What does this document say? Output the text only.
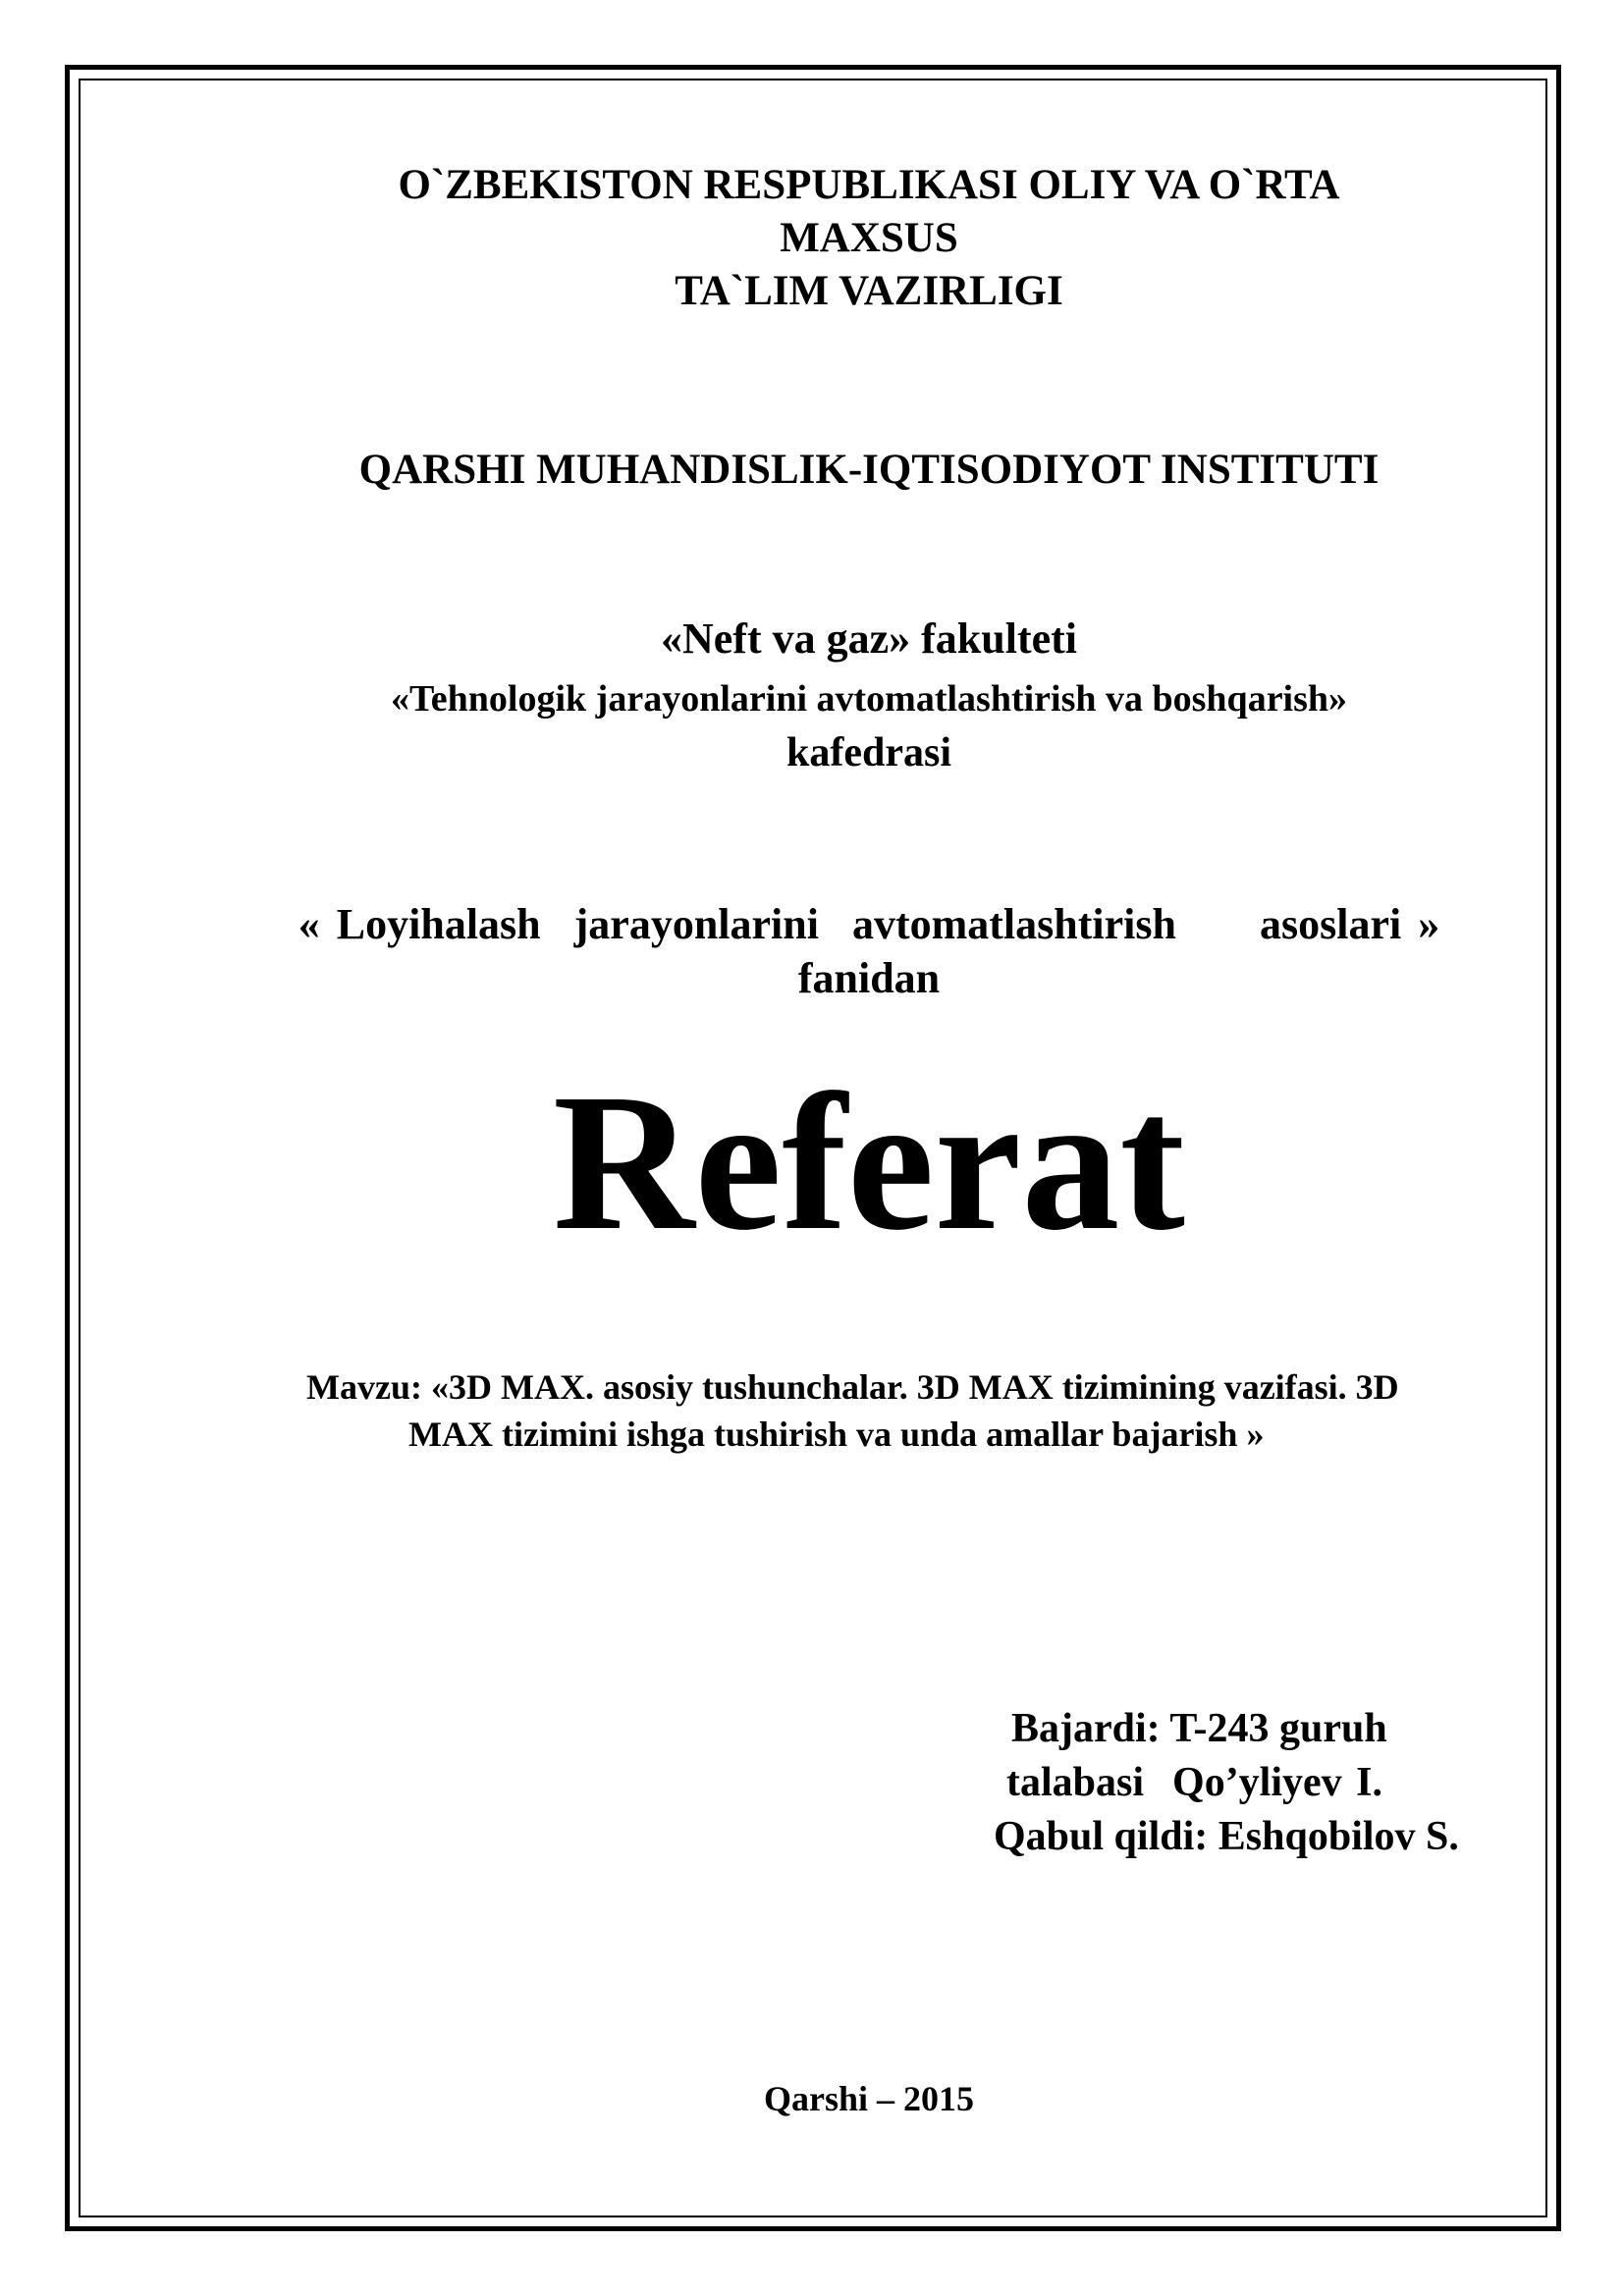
O`ZBEKISTON RESPUBLIKASI OLIY VA O`RTA
MAXSUS
TA`LIM VAZIRLIGI
QARSHI MUHANDISLIK-IQTISODIYOT INSTITUTI
«Neft va gaz» fakulteti
«Tehnologik jarayonlarini avtomatlashtirish va boshqarish»
kafedrasi
« Loyihalash  jarayonlarini  avtomatlashtirish     asoslari »
fanidan
Referat
Mavzu: «3D MAX. asosiy tushunchalar. 3D MAX tizimining vazifasi. 3D
MAX tizimini ishga tushirish va unda amallar bajarish »
Bajardi: T-243 guruh
talabasi  Qo’yliyev I.
Qabul qildi: Eshqobilov S.
Qarshi – 2015
